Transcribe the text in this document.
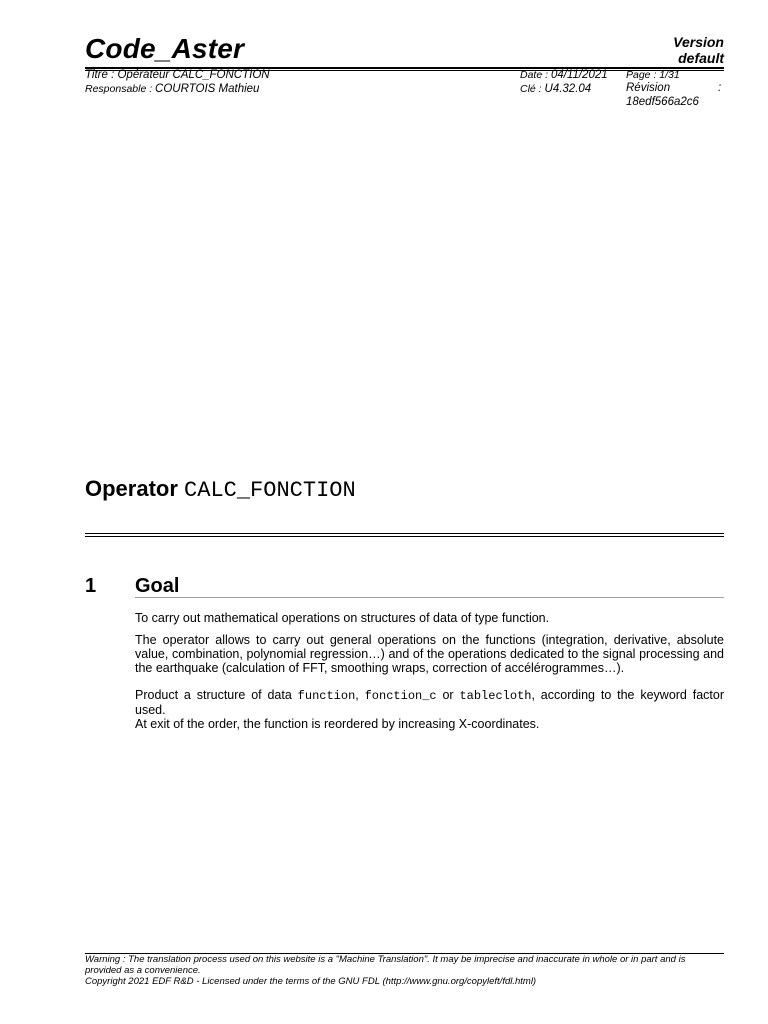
Code_Aster	Version
default
Titre : Opérateur CALC_FONCTION
Responsable : COURTOIS Mathieu
Date : 04/11/2021
Clé : U4.32.04
Page : 1/31
Révision	:
18edf566a2c6
Operator CALC_FONCTION
1 Goal
To carry out mathematical operations on structures of data of type function.
The operator allows to carry out general operations on the functions (integration, derivative, absolute value, combination, polynomial regression…) and of the operations dedicated to the signal processing and the earthquake (calculation of FFT, smoothing wraps, correction of accélérogrammes…).
Product a structure of data function, fonction_c or tablecloth, according to the keyword factor used.
At exit of the order, the function is reordered by increasing X-coordinates.
Warning : The translation process used on this website is a "Machine Translation". It may be imprecise and inaccurate in whole or in part and is provided as a convenience.
Copyright 2021 EDF R&D - Licensed under the terms of the GNU FDL (http://www.gnu.org/copyleft/fdl.html)
